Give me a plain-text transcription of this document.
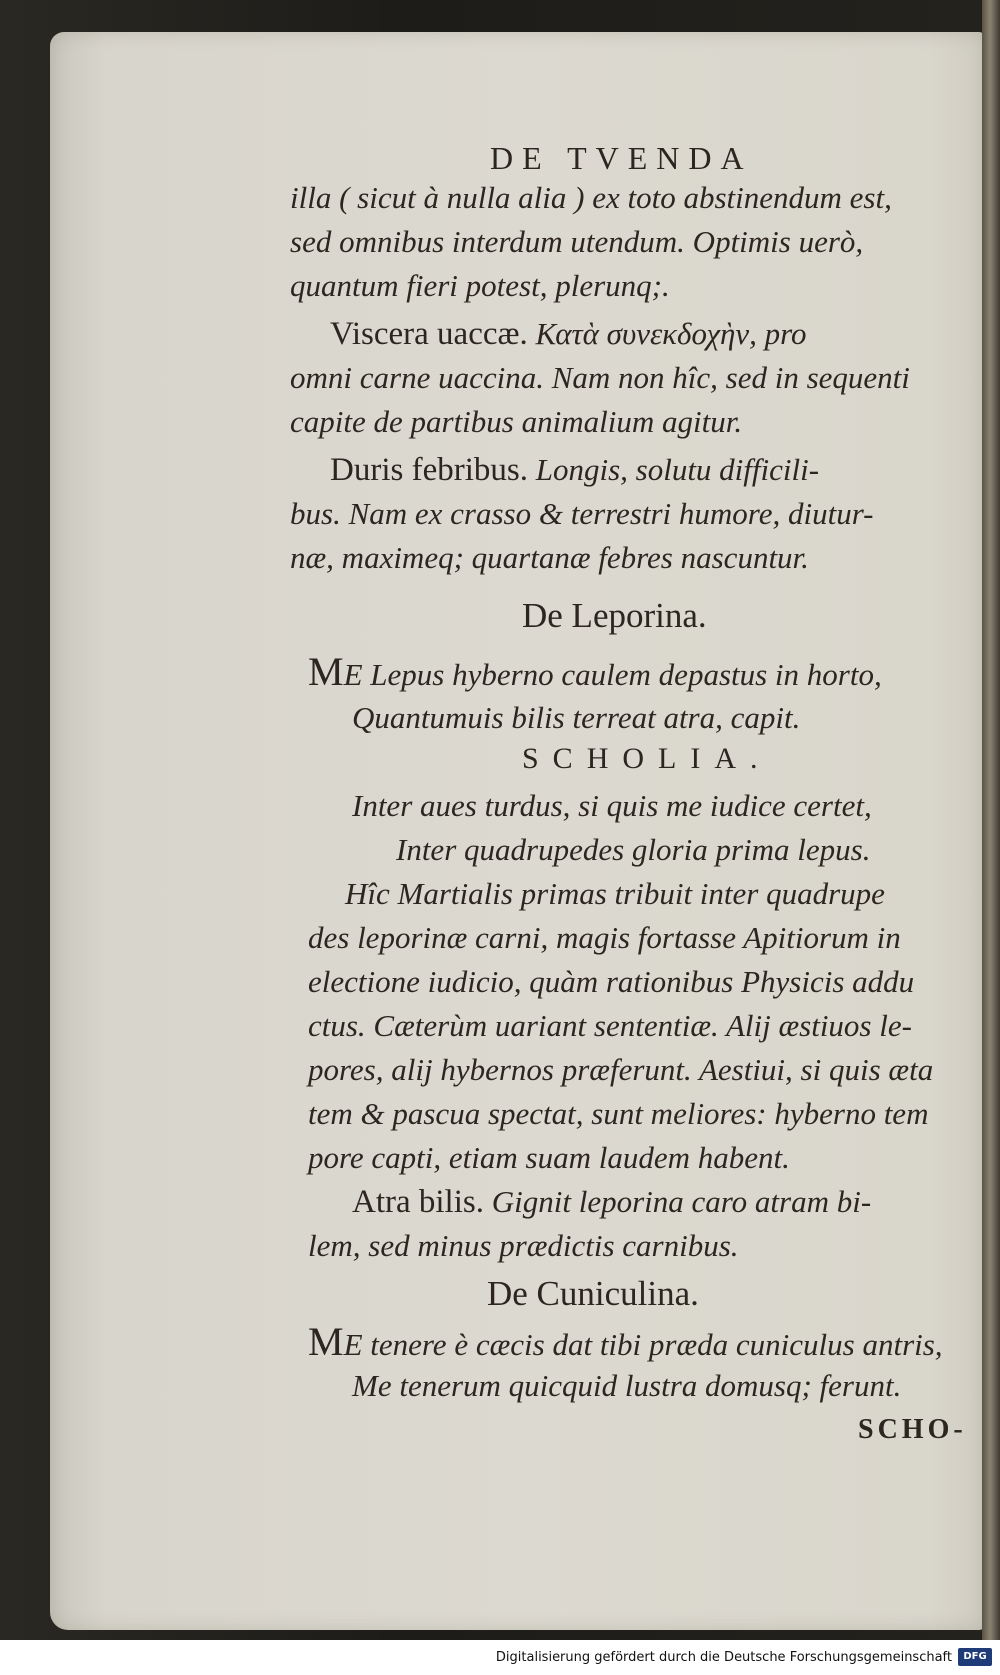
DE TVENDA
illa ( sicut à nulla alia ) ex toto abstinendum est,
sed omnibus interdum utendum. Optimis uerò,
quantum fieri potest, plerunq;.
Viscera uaccæ. Κατὰ συνεκδοχὴν, pro
omni carne uaccina. Nam non hîc, sed in sequenti
capite de partibus animalium agitur.
Duris febribus. Longis, solutu difficili-
bus. Nam ex crasso & terrestri humore, diutur-
næ, maximeq; quartanæ febres nascuntur.
De Leporina.
ME Lepus hyberno caulem depastus in horto,
Quantumuis bilis terreat atra, capit.
SCHOLIA.
Inter aues turdus, si quis me iudice certet,
Inter quadrupedes gloria prima lepus.
Hîc Martialis primas tribuit inter quadrupe
des leporinæ carni, magis fortasse Apitiorum in
electione iudicio, quàm rationibus Physicis addu
ctus. Cæterùm uariant sententiæ. Alij æstiuos le-
pores, alij hybernos præferunt. Aestiui, si quis æta
tem & pascua spectat, sunt meliores: hyberno tem
pore capti, etiam suam laudem habent.
Atra bilis. Gignit leporina caro atram bi-
lem, sed minus prædictis carnibus.
De Cuniculina.
ME tenere è cæcis dat tibi præda cuniculus antris,
Me tenerum quicquid lustra domusq; ferunt.
SCHO-
Digitalisierung gefördert durch die Deutsche Forschungsgemeinschaft	DFG
